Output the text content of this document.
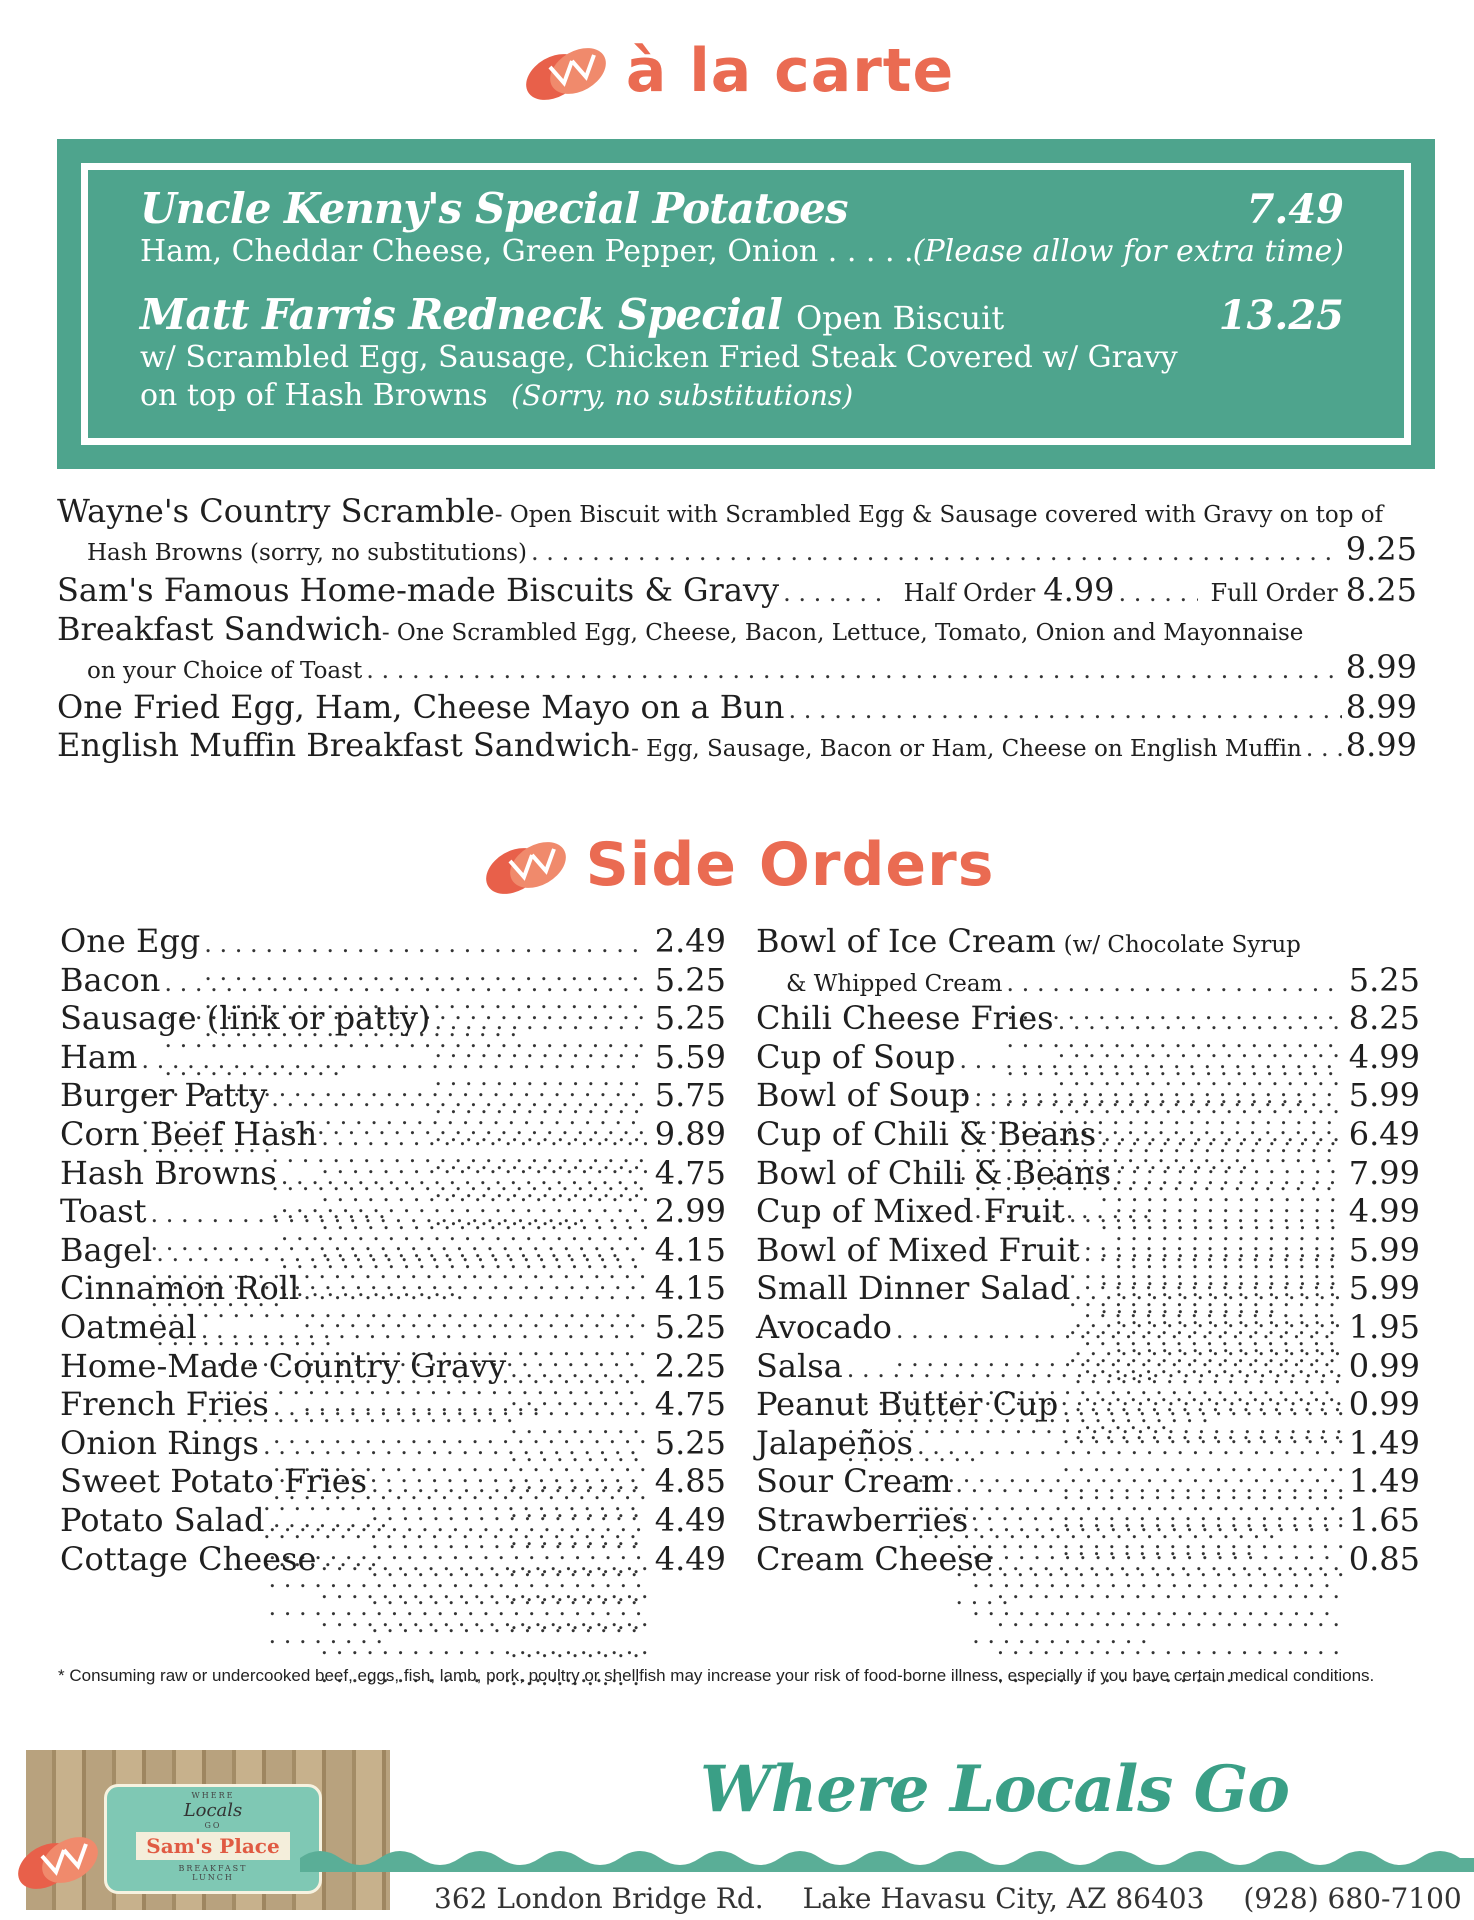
à la carte
Uncle Kenny's Special Potatoes	7.49
Ham, Cheddar Cheese, Green Pepper, Onion . . . . . (Please allow for extra time)
Matt Farris Redneck Special Open Biscuit	13.25
w/ Scrambled Egg, Sausage, Chicken Fried Steak Covered w/ Gravy
on top of Hash Browns (Sorry, no substitutions)
Wayne's Country Scramble - Open Biscuit with Scrambled Egg & Sausage covered with Gravy on top of
Hash Browns (sorry, no substitutions) . . .	9.25
Sam's Famous Home-made Biscuits & Gravy . . .	Half Order 4.99 . . .	Full Order 8.25
Breakfast Sandwich - One Scrambled Egg, Cheese, Bacon, Lettuce, Tomato, Onion and Mayonnaise
on your Choice of Toast . . .	8.99
One Fried Egg, Ham, Cheese Mayo on a Bun . . .	8.99
English Muffin Breakfast Sandwich - Egg, Sausage, Bacon or Ham, Cheese on English Muffin . . . 8.99
Side Orders
One Egg . . .	2.49
Bacon . . .	5.25
Sausage (link or patty) . . .	5.25
Ham . . .	5.59
Burger Patty . . .	5.75
Corn Beef Hash . . .	9.89
Hash Browns . . .	4.75
Toast . . .	2.99
Bagel . . .	4.15
Cinnamon Roll . . .	4.15
Oatmeal . . .	5.25
Home-Made Country Gravy . . .	2.25
French Fries . . .	4.75
Onion Rings . . .	5.25
Sweet Potato Fries . . .	4.85
Potato Salad . . .	4.49
Cottage Cheese . . .	4.49
Bowl of Ice Cream (w/ Chocolate Syrup
& Whipped Cream . . .	5.25
Chili Cheese Fries . . .	8.25
Cup of Soup . . .	4.99
Bowl of Soup . . .	5.99
Cup of Chili & Beans . . .	6.49
Bowl of Chili & Beans . . .	7.99
Cup of Mixed Fruit . . .	4.99
Bowl of Mixed Fruit . . .	5.99
Small Dinner Salad . . .	5.99
Avocado . . .	1.95
Salsa . . .	0.99
Peanut Butter Cup . . .	0.99
Jalapeños . . .	1.49
Sour Cream . . .	1.49
Strawberries . . .	1.65
Cream Cheese . . .	0.85
* Consuming raw or undercooked beef, eggs, fish, lamb, pork, poultry or shellfish may increase your risk of food-borne illness, especially if you have certain medical conditions.
WHERE
Locals
GO
Sam's Place
BREAKFAST
LUNCH
Where Locals Go
362 London Bridge Rd. Lake Havasu City, AZ 86403 (928) 680-7100
